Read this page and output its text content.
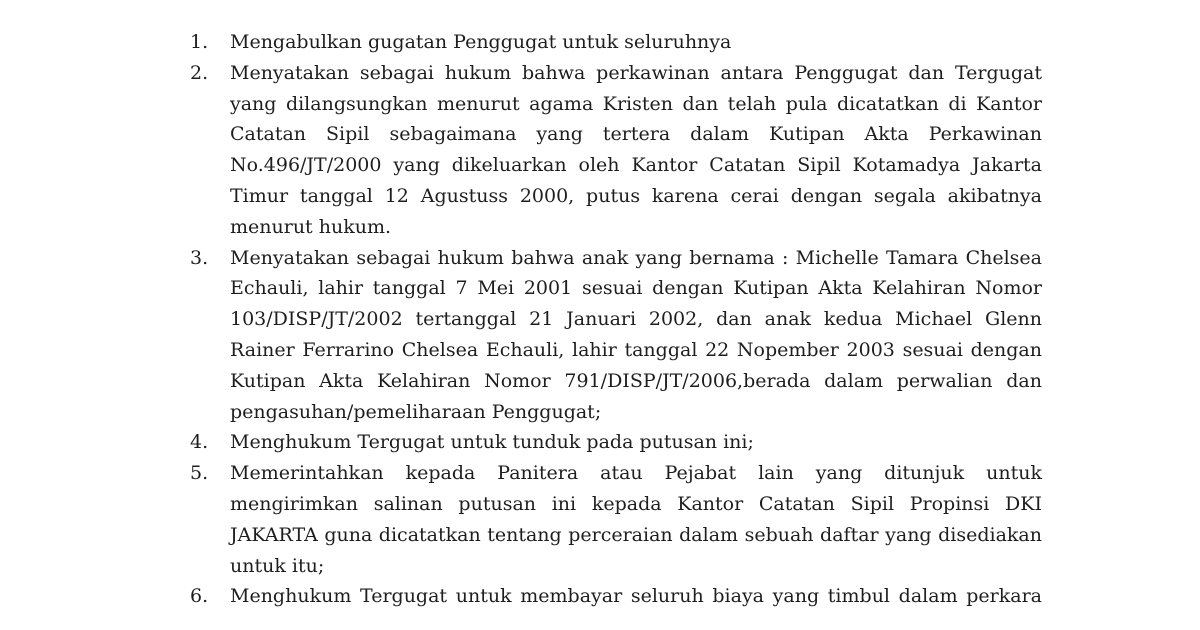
1.	Mengabulkan gugatan Penggugat untuk seluruhnya
2.	Menyatakan sebagai hukum bahwa perkawinan antara Penggugat dan Tergugat yang dilangsungkan menurut agama Kristen dan telah pula dicatatkan di Kantor Catatan Sipil sebagaimana yang tertera dalam Kutipan Akta Perkawinan No.496/JT/2000 yang dikeluarkan oleh Kantor Catatan Sipil Kotamadya Jakarta Timur tanggal 12 Agustuss 2000, putus karena cerai dengan segala akibatnya menurut hukum.
3.	Menyatakan sebagai hukum bahwa anak yang bernama : Michelle Tamara Chelsea Echauli, lahir tanggal 7 Mei 2001 sesuai dengan Kutipan Akta Kelahiran Nomor 103/DISP/JT/2002 tertanggal 21 Januari 2002, dan anak kedua Michael Glenn Rainer Ferrarino Chelsea Echauli, lahir tanggal 22 Nopember 2003 sesuai dengan Kutipan Akta Kelahiran Nomor 791/DISP/JT/2006,berada dalam perwalian dan pengasuhan/pemeliharaan Penggugat;
4.	Menghukum Tergugat untuk tunduk pada putusan ini;
5.	Memerintahkan kepada Panitera atau Pejabat lain yang ditunjuk untuk mengirimkan salinan putusan ini kepada Kantor Catatan Sipil Propinsi DKI JAKARTA guna dicatatkan tentang perceraian dalam sebuah daftar yang disediakan untuk itu;
6.	Menghukum Tergugat untuk membayar seluruh biaya yang timbul dalam perkara
